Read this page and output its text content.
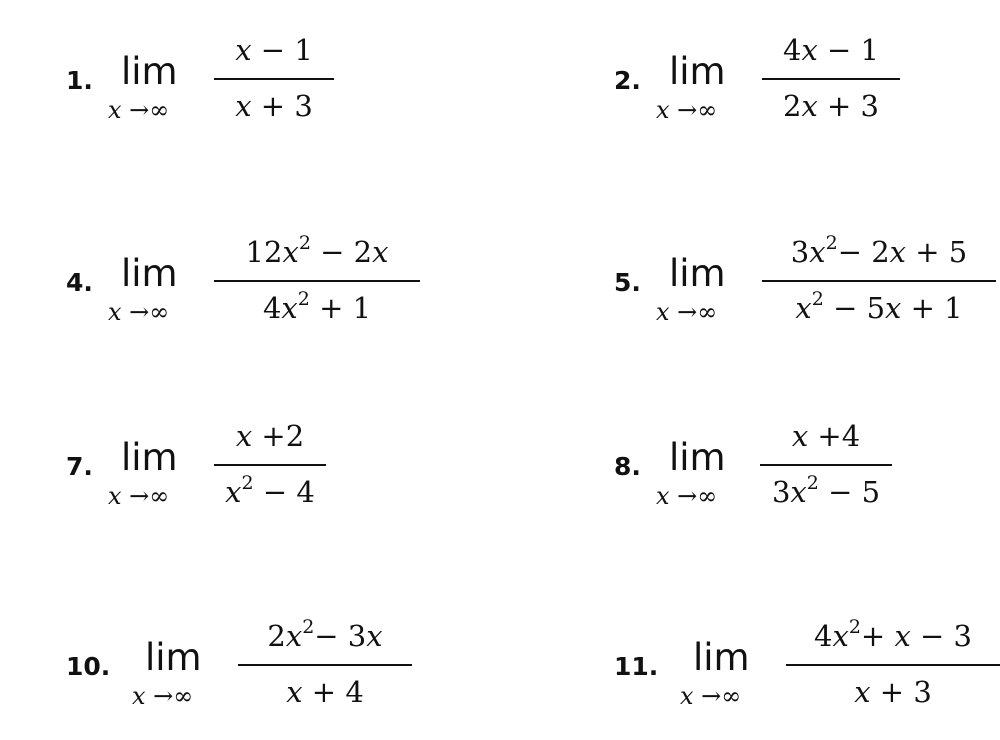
1. lim
x →∞
x − 1
x + 3
2. lim
x →∞
4x − 1
2x + 3
4. lim
x →∞
$12x^2 - 2x$
$4x^2 + 1$
5. lim
x →∞
$3x^2- 2x + 5$
$x^2 - 5x + 1$
7. lim
x →∞
x +2
$x^2 - 4$
8. lim
x →∞
x +4
$3x^2 - 5$
10. lim
x →∞
$2x^2- 3x$
x + 4
11. lim
x →∞
$4x^2+ x - 3$
x + 3
